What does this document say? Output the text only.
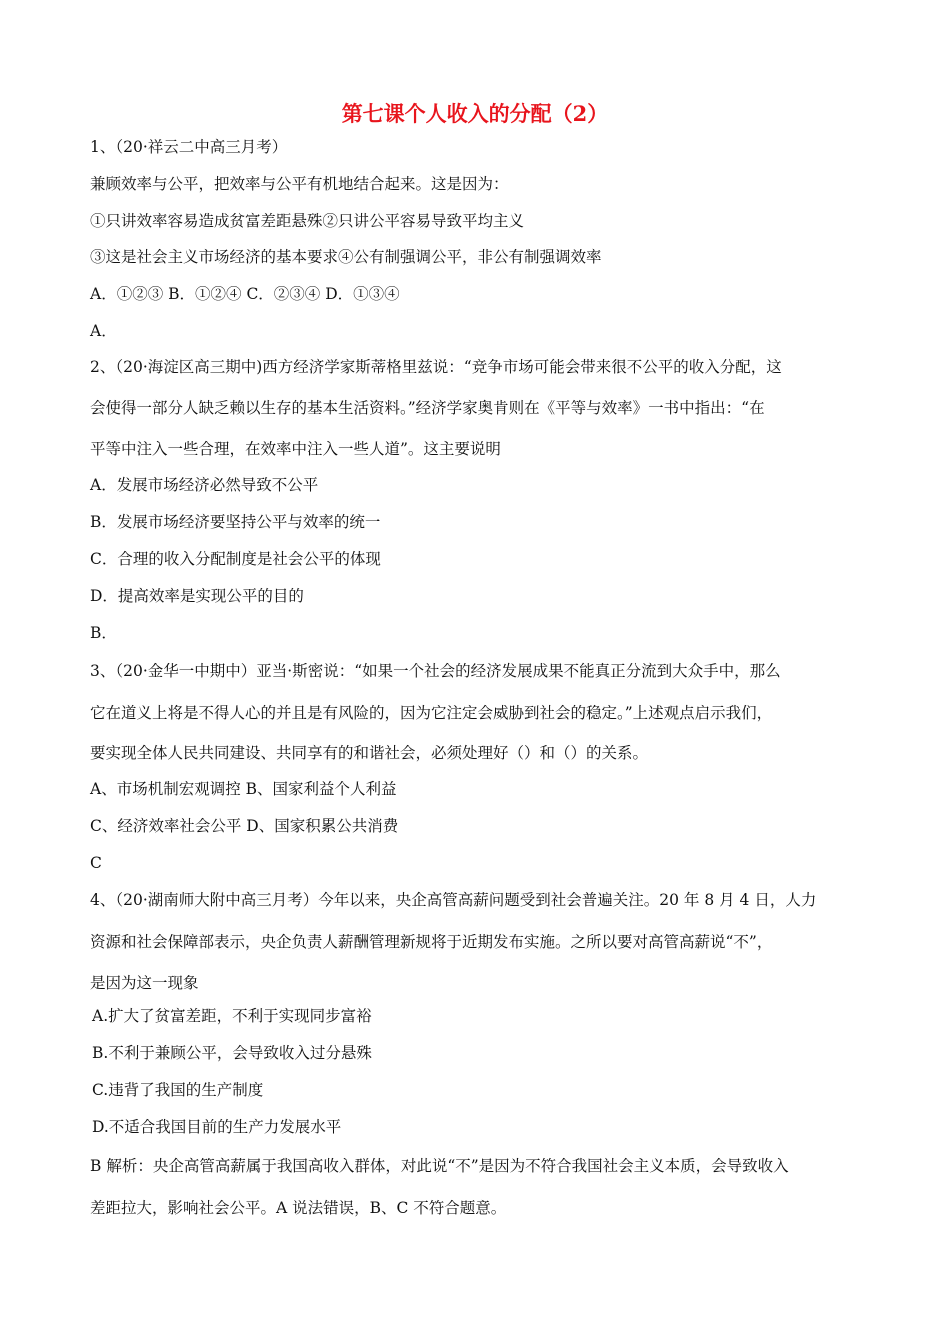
第七课个人收入的分配（2）
1、（20·祥云二中高三月考）
兼顾效率与公平，把效率与公平有机地结合起来。这是因为：
①只讲效率容易造成贫富差距悬殊②只讲公平容易导致平均主义
③这是社会主义市场经济的基本要求④公有制强调公平，非公有制强调效率
A．①②③ B．①②④ C．②③④ D．①③④
A．
2、（20·海淀区高三期中)西方经济学家斯蒂格里兹说：“竞争市场可能会带来很不公平的收入分配，这
会使得一部分人缺乏赖以生存的基本生活资料。”经济学家奥肯则在《平等与效率》一书中指出：“在
平等中注入一些合理，在效率中注入一些人道”。这主要说明
A．发展市场经济必然导致不公平
B．发展市场经济要坚持公平与效率的统一
C．合理的收入分配制度是社会公平的体现
D．提高效率是实现公平的目的
B．
3、（20·金华一中期中）亚当·斯密说：“如果一个社会的经济发展成果不能真正分流到大众手中，那么
它在道义上将是不得人心的并且是有风险的，因为它注定会威胁到社会的稳定。”上述观点启示我们，
要实现全体人民共同建设、共同享有的和谐社会，必须处理好（）和（）的关系。
A、市场机制宏观调控 B、国家利益个人利益
C、经济效率社会公平 D、国家积累公共消费
C
4、（20·湖南师大附中高三月考）今年以来，央企高管高薪问题受到社会普遍关注。20 年 8 月 4 日，人力
资源和社会保障部表示，央企负责人薪酬管理新规将于近期发布实施。之所以要对高管高薪说“不”，
是因为这一现象
A.扩大了贫富差距，不利于实现同步富裕
B.不利于兼顾公平，会导致收入过分悬殊
C.违背了我国的生产制度
D.不适合我国目前的生产力发展水平
B 解析：央企高管高薪属于我国高收入群体，对此说“不”是因为不符合我国社会主义本质，会导致收入
差距拉大，影响社会公平。A 说法错误，B、C 不符合题意。
